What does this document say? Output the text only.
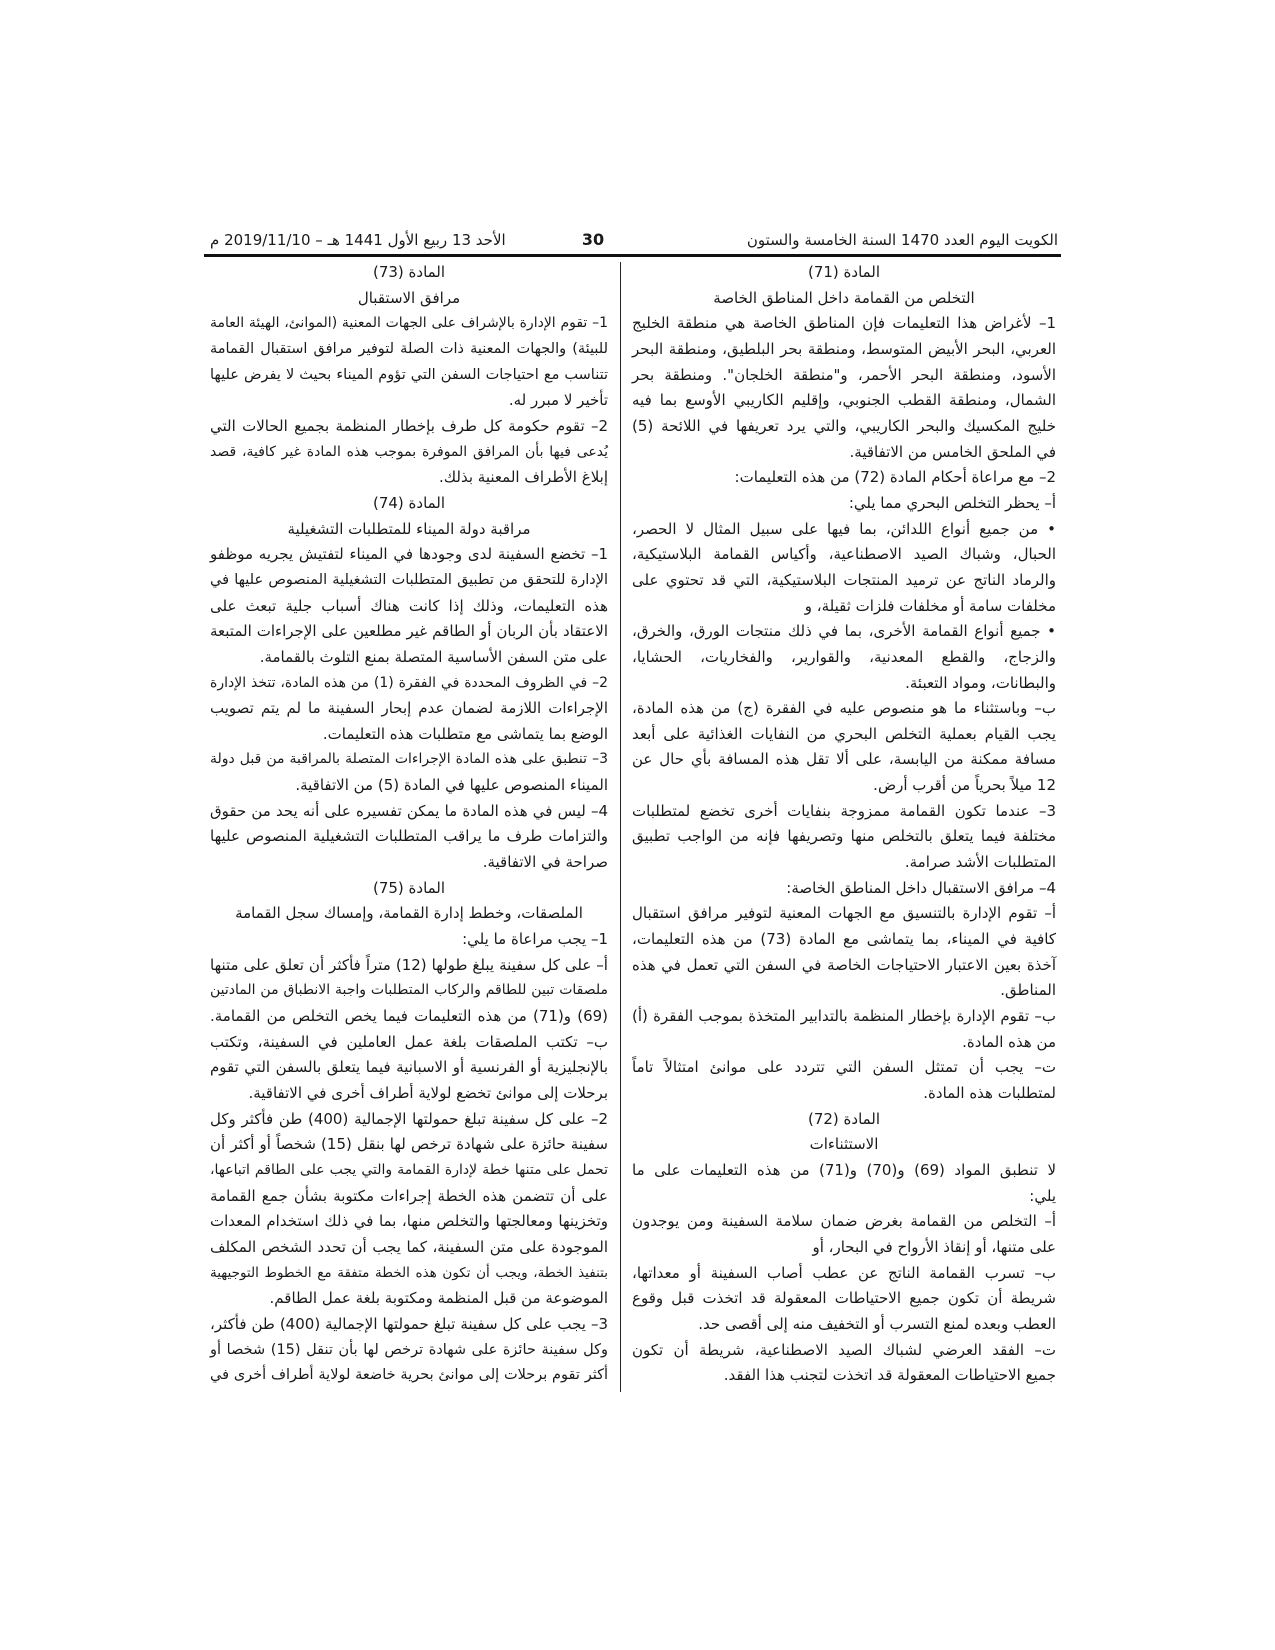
الكويت اليوم العدد 1470 السنة الخامسة والستون
30
الأحد 13 ربيع الأول 1441 هـ – 2019/11/10 م
المادة (71)
التخلص من القمامة داخل المناطق الخاصة
1– لأغراض هذا التعليمات فإن المناطق الخاصة هي منطقة الخليج
العربي، البحر الأبيض المتوسط، ومنطقة بحر البلطيق، ومنطقة البحر
الأسود، ومنطقة البحر الأحمر، و"منطقة الخلجان". ومنطقة بحر
الشمال، ومنطقة القطب الجنوبي، وإقليم الكاريبي الأوسع بما فيه
خليج المكسيك والبحر الكاريبي، والتي يرد تعريفها في اللائحة (5)
في الملحق الخامس من الاتفاقية.
2– مع مراعاة أحكام المادة (72) من هذه التعليمات:
أ– يحظر التخلص البحري مما يلي:
• من جميع أنواع اللدائن، بما فيها على سبيل المثال لا الحصر،
الحبال، وشباك الصيد الاصطناعية، وأكياس القمامة البلاستيكية،
والرماد الناتج عن ترميد المنتجات البلاستيكية، التي قد تحتوي على
مخلفات سامة أو مخلفات فلزات ثقيلة، و
• جميع أنواع القمامة الأخرى، بما في ذلك منتجات الورق، والخرق،
والزجاج، والقطع المعدنية، والقوارير، والفخاريات، الحشايا،
والبطانات، ومواد التعبئة.
ب– وباستثناء ما هو منصوص عليه في الفقرة (ج) من هذه المادة،
يجب القيام بعملية التخلص البحري من النفايات الغذائية على أبعد
مسافة ممكنة من اليابسة، على ألا تقل هذه المسافة بأي حال عن
12 ميلاً بحرياً من أقرب أرض.
3– عندما تكون القمامة ممزوجة بنفايات أخرى تخضع لمتطلبات
مختلفة فيما يتعلق بالتخلص منها وتصريفها فإنه من الواجب تطبيق
المتطلبات الأشد صرامة.
4– مرافق الاستقبال داخل المناطق الخاصة:
أ– تقوم الإدارة بالتنسيق مع الجهات المعنية لتوفير مرافق استقبال
كافية في الميناء، بما يتماشى مع المادة (73) من هذه التعليمات،
آخذة بعين الاعتبار الاحتياجات الخاصة في السفن التي تعمل في هذه
المناطق.
ب– تقوم الإدارة بإخطار المنظمة بالتدابير المتخذة بموجب الفقرة (أ)
من هذه المادة.
ت– يجب أن تمتثل السفن التي تتردد على موانئ امتثالاً تاماً
لمتطلبات هذه المادة.
المادة (72)
الاستثناءات
لا تنطبق المواد (69) و(70) و(71) من هذه التعليمات على ما
يلي:
أ– التخلص من القمامة بغرض ضمان سلامة السفينة ومن يوجدون
على متنها، أو إنقاذ الأرواح في البحار، أو
ب– تسرب القمامة الناتج عن عطب أصاب السفينة أو معداتها،
شريطة أن تكون جميع الاحتياطات المعقولة قد اتخذت قبل وقوع
العطب وبعده لمنع التسرب أو التخفيف منه إلى أقصى حد.
ت– الفقد العرضي لشباك الصيد الاصطناعية، شريطة أن تكون
جميع الاحتياطات المعقولة قد اتخذت لتجنب هذا الفقد.
المادة (73)
مرافق الاستقبال
1– تقوم الإدارة بالإشراف على الجهات المعنية (الموانئ، الهيئة العامة
للبيئة) والجهات المعنية ذات الصلة لتوفير مرافق استقبال القمامة
تتناسب مع احتياجات السفن التي تؤوم الميناء بحيث لا يفرض عليها
تأخير لا مبرر له.
2– تقوم حكومة كل طرف بإخطار المنظمة بجميع الحالات التي
يُدعى فيها بأن المرافق الموفرة بموجب هذه المادة غير كافية، قصد
إبلاغ الأطراف المعنية بذلك.
المادة (74)
مراقبة دولة الميناء للمتطلبات التشغيلية
1– تخضع السفينة لدى وجودها في الميناء لتفتيش يجريه موظفو
الإدارة للتحقق من تطبيق المتطلبات التشغيلية المنصوص عليها في
هذه التعليمات، وذلك إذا كانت هناك أسباب جلية تبعث على
الاعتقاد بأن الربان أو الطاقم غير مطلعين على الإجراءات المتبعة
على متن السفن الأساسية المتصلة بمنع التلوث بالقمامة.
2– في الظروف المحددة في الفقرة (1) من هذه المادة، تتخذ الإدارة
الإجراءات اللازمة لضمان عدم إبحار السفينة ما لم يتم تصويب
الوضع بما يتماشى مع متطلبات هذه التعليمات.
3– تنطبق على هذه المادة الإجراءات المتصلة بالمراقبة من قبل دولة
الميناء المنصوص عليها في المادة (5) من الاتفاقية.
4– ليس في هذه المادة ما يمكن تفسيره على أنه يحد من حقوق
والتزامات طرف ما يراقب المتطلبات التشغيلية المنصوص عليها
صراحة في الاتفاقية.
المادة (75)
الملصقات، وخطط إدارة القمامة، وإمساك سجل القمامة
1– يجب مراعاة ما يلي:
أ– على كل سفينة يبلغ طولها (12) متراً فأكثر أن تعلق على متنها
ملصقات تبين للطاقم والركاب المتطلبات واجبة الانطباق من المادتين
(69) و(71) من هذه التعليمات فيما يخص التخلص من القمامة.
ب– تكتب الملصقات بلغة عمل العاملين في السفينة، وتكتب
بالإنجليزية أو الفرنسية أو الاسبانية فيما يتعلق بالسفن التي تقوم
برحلات إلى موانئ تخضع لولاية أطراف أخرى في الاتفاقية.
2– على كل سفينة تبلغ حمولتها الإجمالية (400) طن فأكثر وكل
سفينة حائزة على شهادة ترخص لها بنقل (15) شخصاً أو أكثر أن
تحمل على متنها خطة لإدارة القمامة والتي يجب على الطاقم اتباعها،
على أن تتضمن هذه الخطة إجراءات مكتوبة بشأن جمع القمامة
وتخزينها ومعالجتها والتخلص منها، بما في ذلك استخدام المعدات
الموجودة على متن السفينة، كما يجب أن تحدد الشخص المكلف
بتنفيذ الخطة، ويجب أن تكون هذه الخطة متفقة مع الخطوط التوجيهية
الموضوعة من قبل المنظمة ومكتوبة بلغة عمل الطاقم.
3– يجب على كل سفينة تبلغ حمولتها الإجمالية (400) طن فأكثر،
وكل سفينة حائزة على شهادة ترخص لها بأن تنقل (15) شخصا أو
أكثر تقوم برحلات إلى موانئ بحرية خاضعة لولاية أطراف أخرى في
